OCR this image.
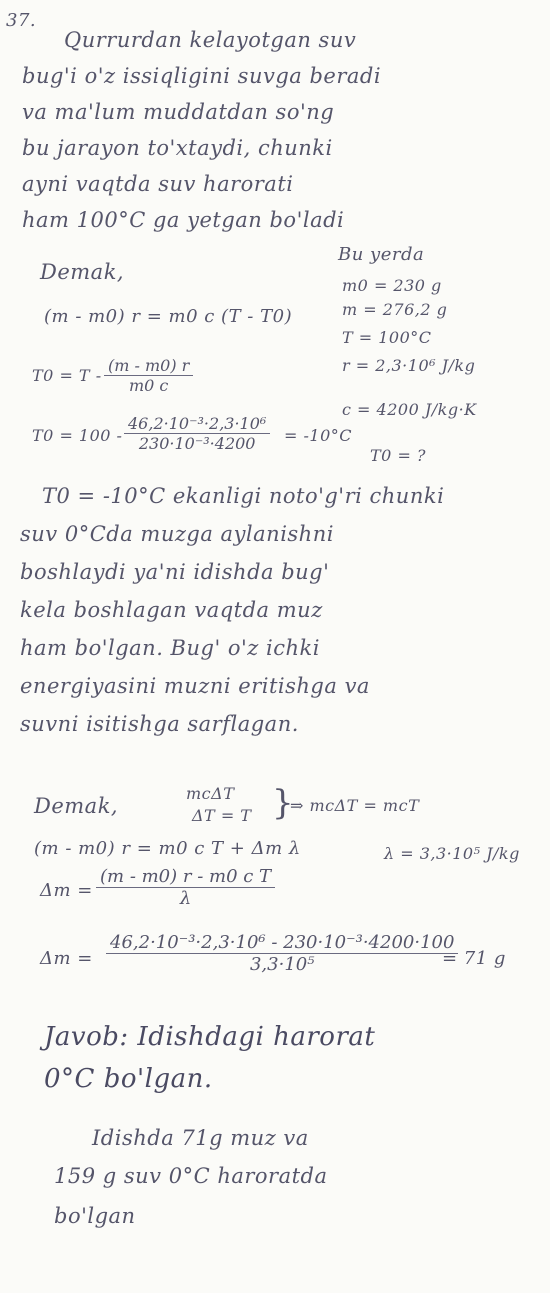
37.
Qurrurdan kelayotgan suv
bug'i o'z issiqligini suvga beradi
va ma'lum muddatdan so'ng
bu jarayon to'xtaydi, chunki
ayni vaqtda suv harorati
ham 100°C ga yetgan bo'ladi
Bu yerda
Demak,
(m - m0) r = m0 c (T - T0)
m0 = 230 g
m = 276,2 g
T = 100°C
r = 2,3·10⁶ J/kg
c = 4200 J/kg·K
T0 = ?
$T0 = T - \frac{(m - m0) r}{m0 c}$
$T0 = 100 - \frac{\text{46,2·10⁻³·2,3·10⁶}}{\text{230·10⁻³·4200}} = -10^\circ C$
T0 = -10°C ekanligi noto'g'ri chunki
suv 0°Cda muzga aylanishni
boshlaydi ya'ni idishda bug'
kela boshlagan vaqtda muz
ham bo'lgan. Bug' o'z ichki
energiyasini muzni eritishga va
suvni isitishga sarflagan.
Demak,
mcΔT
ΔT = T }
⇒ mcΔT = mcT
(m - m0) r = m0 c T + Δm λ	λ = 3,3·10⁵ J/kg
$\Delta m = \frac{\text{(m - m0) r - m0 c T}}{\lambda}$
$\Delta m = \frac{\text{46,2·10⁻³·2,3·10⁶ - 230·10⁻³·4200·100}}{\text{3,3·10⁵}}$
= 71 g
Javob: Idishdagi harorat
0°C bo'lgan.
Idishda 71g muz va
159 g suv 0°C haroratda
bo'lgan
